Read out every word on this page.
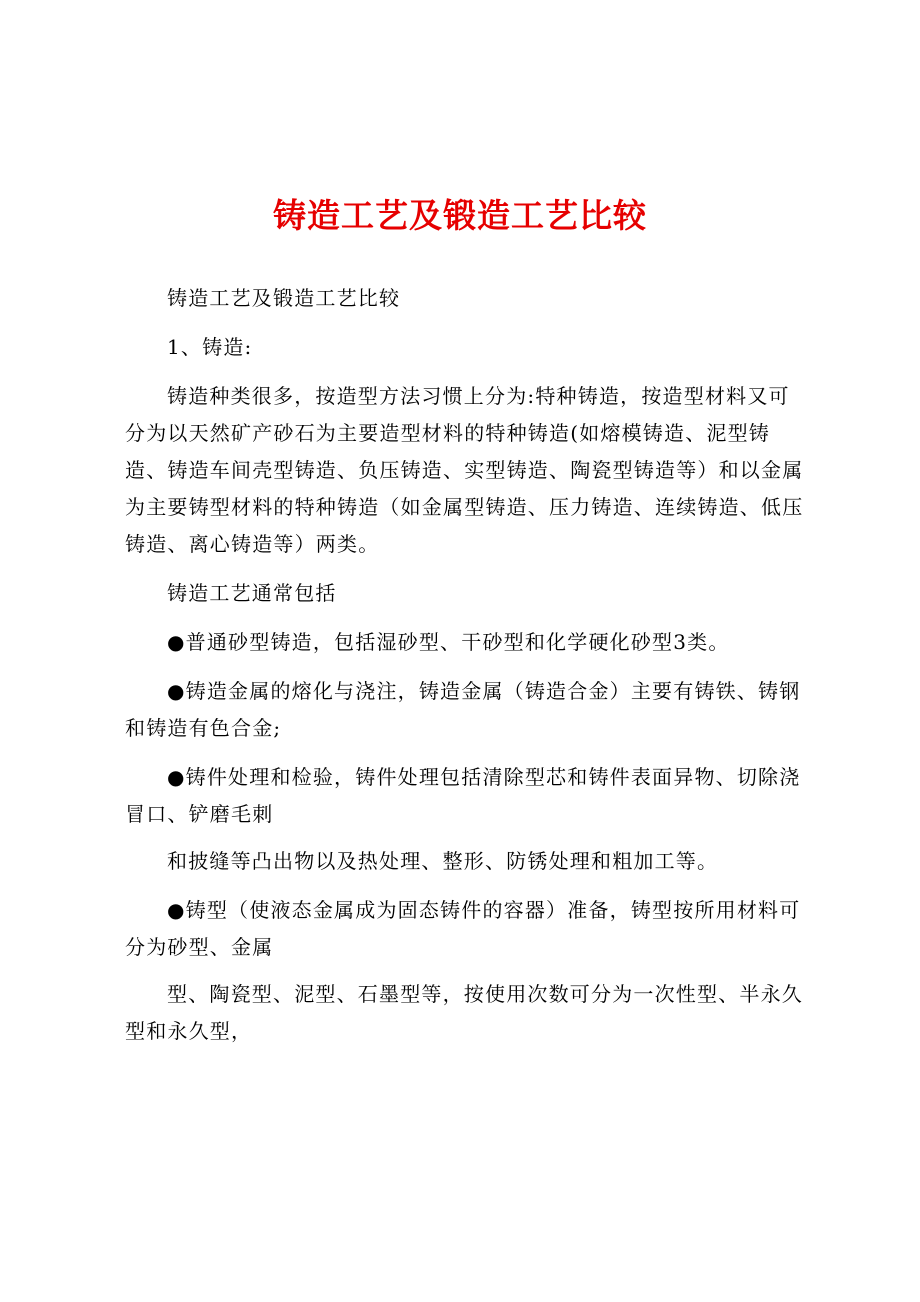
铸造工艺及锻造工艺比较

铸造工艺及锻造工艺比较

1、铸造:

铸造种类很多，按造型方法习惯上分为:特种铸造，按造型材料又可分为以天然矿产砂石为主要造型材料的特种铸造(如熔模铸造、泥型铸造、铸造车间壳型铸造、负压铸造、实型铸造、陶瓷型铸造等）和以金属为主要铸型材料的特种铸造（如金属型铸造、压力铸造、连续铸造、低压铸造、离心铸造等）两类。

铸造工艺通常包括

●普通砂型铸造，包括湿砂型、干砂型和化学硬化砂型3类。

●铸造金属的熔化与浇注，铸造金属（铸造合金）主要有铸铁、铸钢和铸造有色合金;

●铸件处理和检验，铸件处理包括清除型芯和铸件表面异物、切除浇冒口、铲磨毛刺

和披缝等凸出物以及热处理、整形、防锈处理和粗加工等。

●铸型（使液态金属成为固态铸件的容器）准备，铸型按所用材料可分为砂型、金属

型、陶瓷型、泥型、石墨型等，按使用次数可分为一次性型、半永久型和永久型，
